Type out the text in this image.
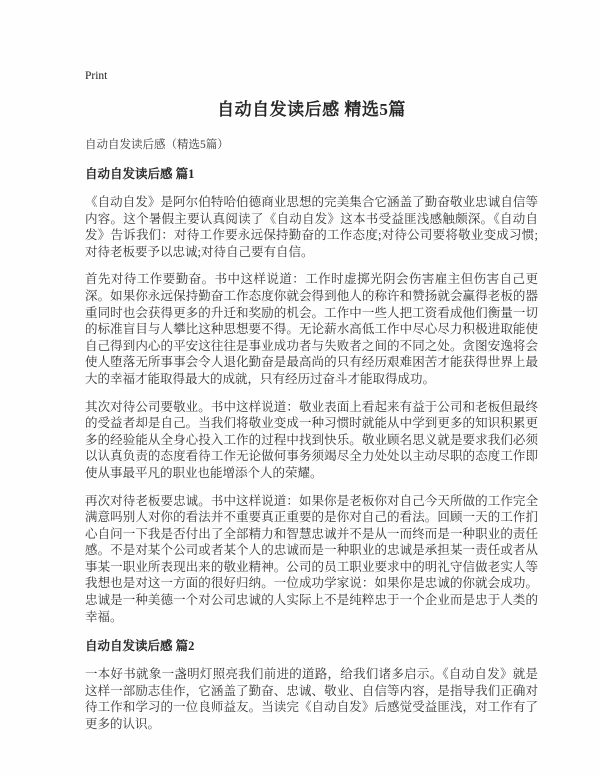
Print
自动自发读后感 精选5篇
自动自发读后感（精选5篇）
自动自发读后感 篇1

《自动自发》是阿尔伯特哈伯德商业思想的完美集合它涵盖了勤奋敬业忠诚自信等内容。这个暑假主要认真阅读了《自动自发》这本书受益匪浅感触颇深。《自动自发》告诉我们：对待工作要永远保持勤奋的工作态度;对待公司要将敬业变成习惯;对待老板要予以忠诚;对待自己要有自信。

首先对待工作要勤奋。书中这样说道：工作时虚掷光阴会伤害雇主但伤害自己更深。如果你永远保持勤奋工作态度你就会得到他人的称许和赞扬就会赢得老板的器重同时也会获得更多的升迁和奖励的机会。工作中一些人把工资看成他们衡量一切的标准盲目与人攀比这种思想要不得。无论薪水高低工作中尽心尽力积极进取能使自己得到内心的平安这往往是事业成功者与失败者之间的不同之处。贪图安逸将会使人堕落无所事事会令人退化勤奋是最高尚的只有经历艰难困苦才能获得世界上最大的幸福才能取得最大的成就，只有经历过奋斗才能取得成功。

其次对待公司要敬业。书中这样说道：敬业表面上看起来有益于公司和老板但最终的受益者却是自己。当我们将敬业变成一种习惯时就能从中学到更多的知识积累更多的经验能从全身心投入工作的过程中找到快乐。敬业顾名思义就是要求我们必须以认真负责的态度看待工作无论做何事务须竭尽全力处处以主动尽职的态度工作即使从事最平凡的职业也能增添个人的荣耀。

再次对待老板要忠诚。书中这样说道：如果你是老板你对自己今天所做的工作完全满意吗别人对你的看法并不重要真正重要的是你对自己的看法。回顾一天的工作扪心自问一下我是否付出了全部精力和智慧忠诚并不是从一而终而是一种职业的责任感。不是对某个公司或者某个人的忠诚而是一种职业的忠诚是承担某一责任或者从事某一职业所表现出来的敬业精神。公司的员工职业要求中的明礼守信做老实人等我想也是对这一方面的很好归纳。一位成功学家说：如果你是忠诚的你就会成功。忠诚是一种美德一个对公司忠诚的人实际上不是纯粹忠于一个企业而是忠于人类的幸福。

自动自发读后感 篇2

一本好书就象一盏明灯照亮我们前进的道路，给我们诸多启示。《自动自发》就是这样一部励志佳作，它涵盖了勤奋、忠诚、敬业、自信等内容，是指导我们正确对待工作和学习的一位良师益友。当读完《自动自发》后感觉受益匪浅，对工作有了更多的认识。
